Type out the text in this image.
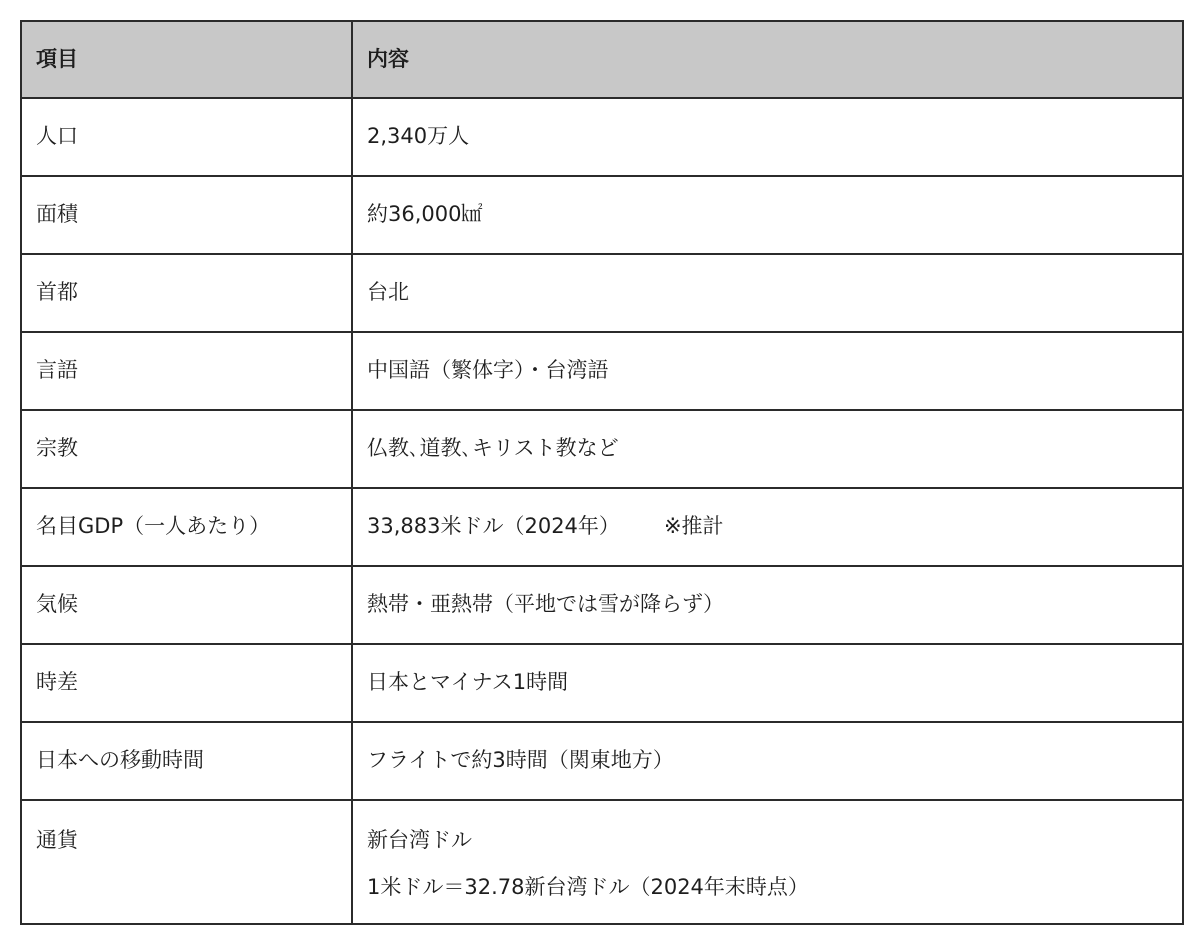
項目	内容
人口	2,340万人
面積	約36,000㎢
首都	台北
言語	中国語（繁体字）・台湾語
宗教	仏教､道教､キリスト教など
名目GDP（一人あたり）	33,883米ドル（2024年） ※推計
気候	熱帯・亜熱帯（平地では雪が降らず）
時差	日本とマイナス1時間
日本への移動時間	フライトで約3時間（関東地方）
通貨	新台湾ドル
1米ドル＝32.78新台湾ドル（2024年末時点）
